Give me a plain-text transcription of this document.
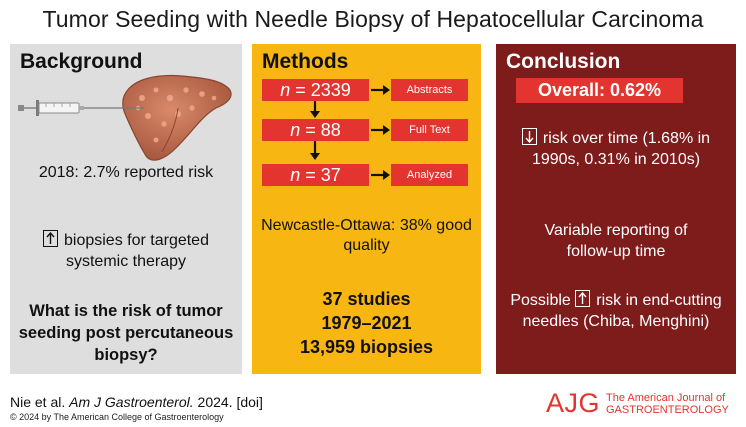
Tumor Seeding with Needle Biopsy of Hepatocellular Carcinoma
Background
2018: 2.7% reported risk
biopsies for targeted systemic therapy
What is the risk of tumor seeding post percutaneous biopsy?
Methods
n = 2339	Abstracts
n = 88	Full Text
n = 37	Analyzed
Newcastle-Ottawa: 38% good quality
37 studies
1979–2021
13,959 biopsies
Conclusion
Overall: 0.62%
risk over time (1.68% in 1990s, 0.31% in 2010s)
Variable reporting of follow-up time
Possible risk in end-cutting needles (Chiba, Menghini)
Nie et al. Am J Gastroenterol. 2024. [doi]
© 2024 by The American College of Gastroenterology	AJG The American Journal of
GASTROENTEROLOGY
